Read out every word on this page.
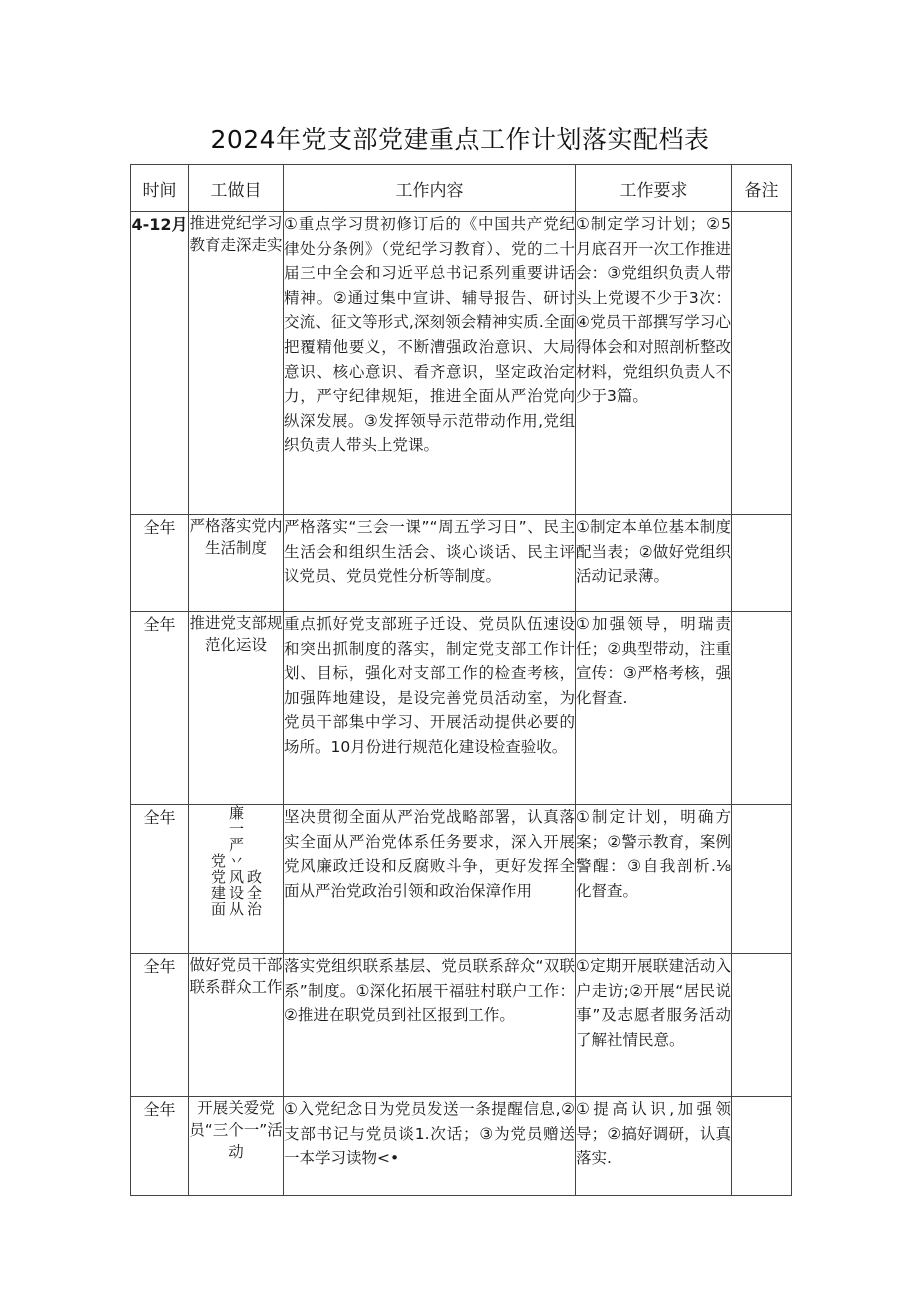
2024年党支部党建重点工作计划落实配档表
时间	工做目	工作内容	工作要求	备注
4-12月	推进党纪学习教育走深走实	①重点学习贯初修订后的《中国共产党纪律处分条例》（党纪学习教育）、党的二十届三中全会和习近平总书记系列重要讲话精神。②通过集中宣讲、辅导报告、研讨交流、征文等形式,深刻领会精神实质.全面把覆精他要义，不断漕强政治意识、大局意识、核心意识、看齐意识，坚定政治定力，严守纪律规矩，推进全面从严治党向纵深发展。③发挥领导示范带动作用,党组织负责人带头上党课。	①制定学习计划；②5月底召开一次工作推进会：③党组织负责人带头上党谡不少于3次：④党员干部撰写学习心得体会和对照剖析整改材料，党组织负责人不少于3篇。	
全年	严格落实党内生活制度	严格落实“三会一课”“周五学习日”、民主生活会和组织生活会、谈心谈话、民主评议党员、党员党性分析等制度。	①制定本单位基本制度配当表；②做好党组织活动记录薄。	
全年	推进党支部规范化运设	重点抓好党支部班子迁设、党员队伍速设和突出抓制度的落实，制定党支部工作计划、目标，强化对支部工作的检查考核，加强阵地建设，是设完善党员活动室，为党员干部集中学习、开展活动提供必要的场所。10月份进行规范化建设检查验收。	①加强领导，明瑞责任；②典型带动，注重宣传：③严格考核，强化督查.	
全年	党党建面廉一严丷风设从政全治	坚决贯彻全面从严治党战略部署，认真落实全面从严治党体系任务要求，深入开展党风廉政迁设和反腐败斗争，更好发挥全面从严治党政治引领和政治保漳作用	①制定计划，明确方案；②警示教育，案例警醒：③自我剖析.⅛化督查。	
全年	做好党员干部联系群众工作	落实党组织联系基层、党员联系辞众“双联系”制度。①深化拓展干福驻村联户工作：②推进在职党员到社区报到工作。	①定期开展联建活动入户走访;②开展“居民说事”及志愿者服务活动了解社情民意。	
全年	开展关爱党员“三个一”活动	①入党纪念日为党员发送一条提醒信息,②支部书记与党员谈1.次话；③为党员赠送一本学习读物<•	①提高认识,加强领导；②搞好调研，认真落实.	
